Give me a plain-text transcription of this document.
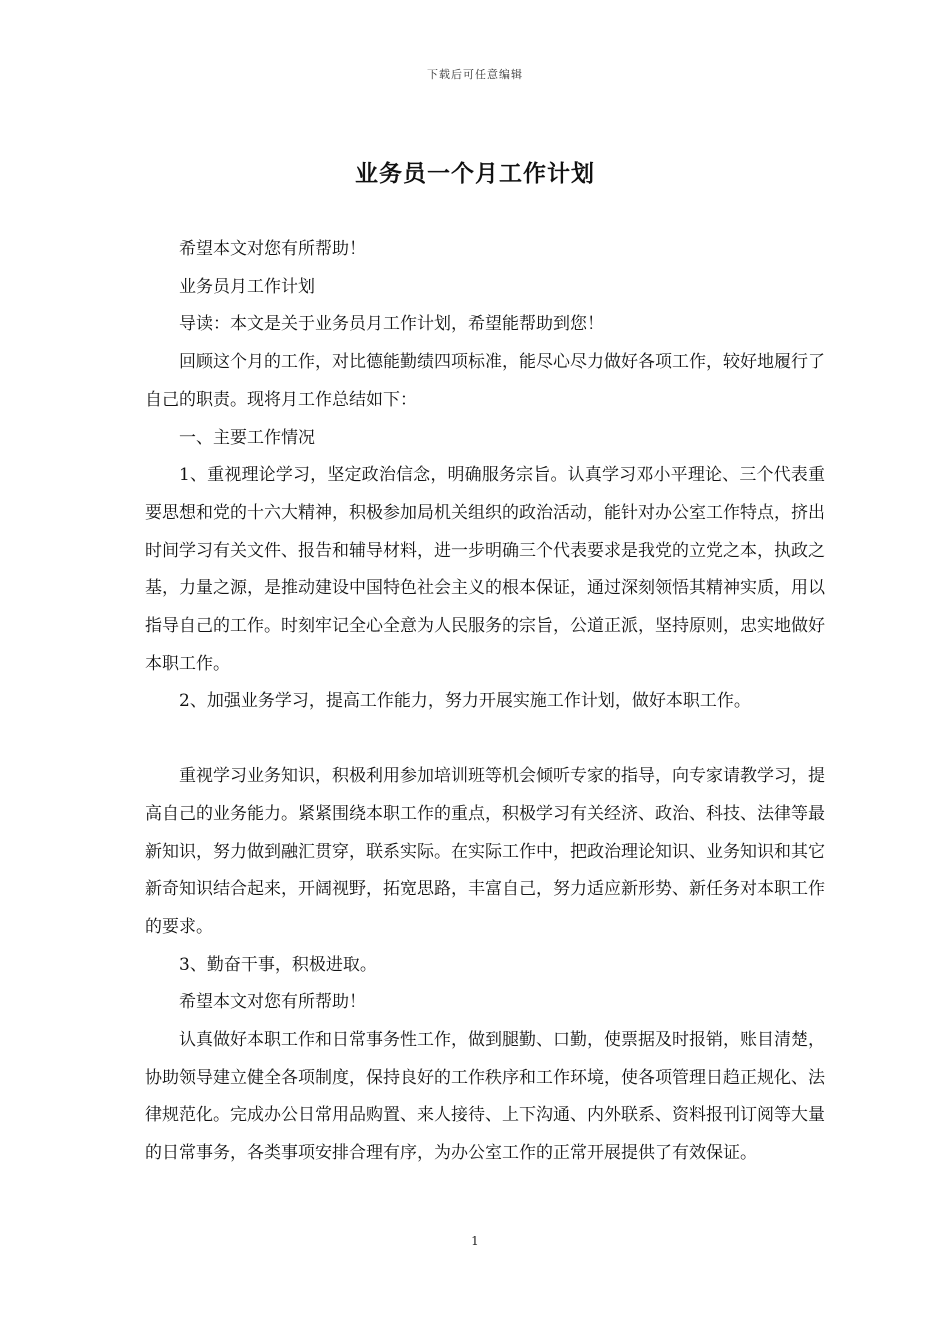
下载后可任意编辑
业务员一个月工作计划

希望本文对您有所帮助！

业务员月工作计划

导读：本文是关于业务员月工作计划，希望能帮助到您！

回顾这个月的工作，对比德能勤绩四项标准，能尽心尽力做好各项工作，较好地履行了自己的职责。现将月工作总结如下：

一、主要工作情况

1、重视理论学习，坚定政治信念，明确服务宗旨。认真学习邓小平理论、三个代表重要思想和党的十六大精神，积极参加局机关组织的政治活动，能针对办公室工作特点，挤出时间学习有关文件、报告和辅导材料，进一步明确三个代表要求是我党的立党之本，执政之基，力量之源，是推动建设中国特色社会主义的根本保证，通过深刻领悟其精神实质，用以指导自己的工作。时刻牢记全心全意为人民服务的宗旨，公道正派，坚持原则，忠实地做好本职工作。

2、加强业务学习，提高工作能力，努力开展实施工作计划，做好本职工作。

重视学习业务知识，积极利用参加培训班等机会倾听专家的指导，向专家请教学习，提高自己的业务能力。紧紧围绕本职工作的重点，积极学习有关经济、政治、科技、法律等最新知识，努力做到融汇贯穿，联系实际。在实际工作中，把政治理论知识、业务知识和其它新奇知识结合起来，开阔视野，拓宽思路，丰富自己，努力适应新形势、新任务对本职工作的要求。

3、勤奋干事，积极进取。

希望本文对您有所帮助！

认真做好本职工作和日常事务性工作，做到腿勤、口勤，使票据及时报销，账目清楚，协助领导建立健全各项制度，保持良好的工作秩序和工作环境，使各项管理日趋正规化、法律规范化。完成办公日常用品购置、来人接待、上下沟通、内外联系、资料报刊订阅等大量的日常事务，各类事项安排合理有序，为办公室工作的正常开展提供了有效保证。

1
